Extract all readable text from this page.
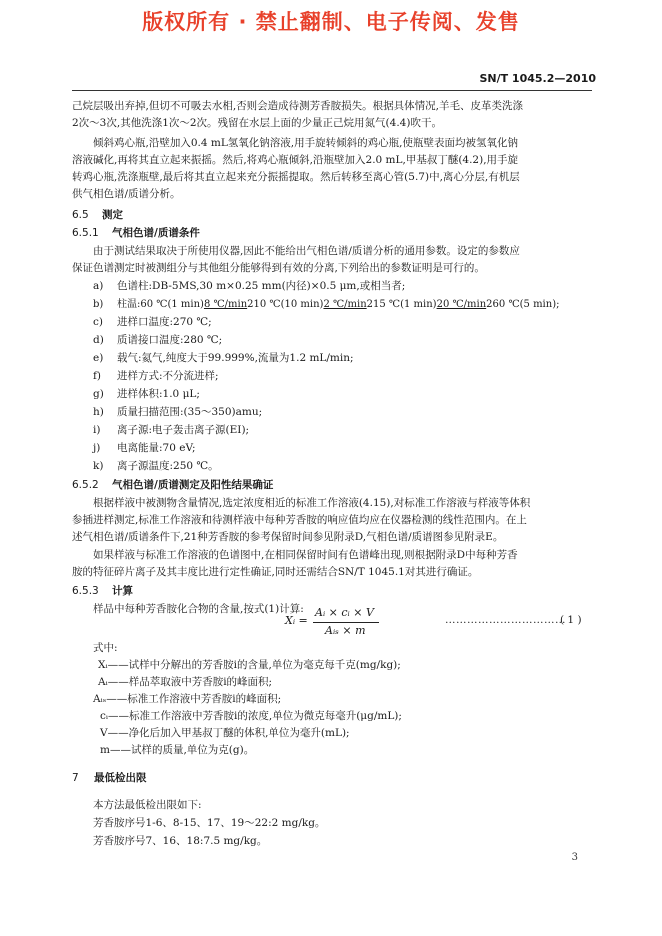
版权所有 · 禁止翻制、电子传阅、发售
SN/T 1045.2—2010
己烷层吸出弃掉,但切不可吸去水相,否则会造成待测芳香胺损失。根据具体情况,羊毛、皮革类洗涤
2次～3次,其他洗涤1次～2次。残留在水层上面的少量正己烷用氮气(4.4)吹干。
倾斜鸡心瓶,沿壁加入0.4 mL氢氧化钠溶液,用手旋转倾斜的鸡心瓶,使瓶壁表面均被氢氧化钠
溶液碱化,再将其直立起来振摇。然后,将鸡心瓶倾斜,沿瓶壁加入2.0 mL,甲基叔丁醚(4.2),用手旋
转鸡心瓶,洗涤瓶壁,最后将其直立起来充分振摇提取。然后转移至离心管(5.7)中,离心分层,有机层
供气相色谱/质谱分析。
6.5 测定
6.5.1 气相色谱/质谱条件
由于测试结果取决于所使用仪器,因此不能给出气相色谱/质谱分析的通用参数。设定的参数应
保证色谱测定时被测组分与其他组分能够得到有效的分离,下列给出的参数证明是可行的。
a) 色谱柱:DB-5MS,30 m×0.25 mm(内径)×0.5 μm,或相当者;
b) 柱温:60 ℃(1 min)8 ℃/min210 ℃(10 min)2 ℃/min215 ℃(1 min)20 ℃/min260 ℃(5 min);
c) 进样口温度:270 ℃;
d) 质谱接口温度:280 ℃;
e) 载气:氦气,纯度大于99.999%,流量为1.2 mL/min;
f) 进样方式:不分流进样;
g) 进样体积:1.0 μL;
h) 质量扫描范围:(35～350)amu;
i) 离子源:电子轰击离子源(EI);
j) 电离能量:70 eV;
k) 离子源温度:250 ℃。
6.5.2 气相色谱/质谱测定及阳性结果确证
根据样液中被测物含量情况,选定浓度相近的标准工作溶液(4.15),对标准工作溶液与样液等体积
参插进样测定,标准工作溶液和待测样液中每种芳香胺的响应值均应在仪器检测的线性范围内。在上
述气相色谱/质谱条件下,21种芳香胺的参考保留时间参见附录D,气相色谱/质谱图参见附录E。
如果样液与标准工作溶液的色谱图中,在相同保留时间有色谱峰出现,则根据附录D中每种芳香
胺的特征碎片离子及其丰度比进行定性确证,同时还需结合SN/T 1045.1对其进行确证。
6.5.3 计算
样品中每种芳香胺化合物的含量,按式(1)计算:
Xᵢ =
Aᵢ × cᵢ × V
Aᵢₛ × m
……………………………
( 1 )
式中:
Xᵢ——试样中分解出的芳香胺i的含量,单位为毫克每千克(mg/kg);
Aᵢ——样品萃取液中芳香胺i的峰面积;
Aᵢₛ——标准工作溶液中芳香胺i的峰面积;
cᵢ——标准工作溶液中芳香胺i的浓度,单位为微克每毫升(μg/mL);
V——净化后加入甲基叔丁醚的体积,单位为毫升(mL);
m——试样的质量,单位为克(g)。
7 最低检出限
本方法最低检出限如下:
芳香胺序号1-6、8-15、17、19～22:2 mg/kg。
芳香胺序号7、16、18:7.5 mg/kg。
3
